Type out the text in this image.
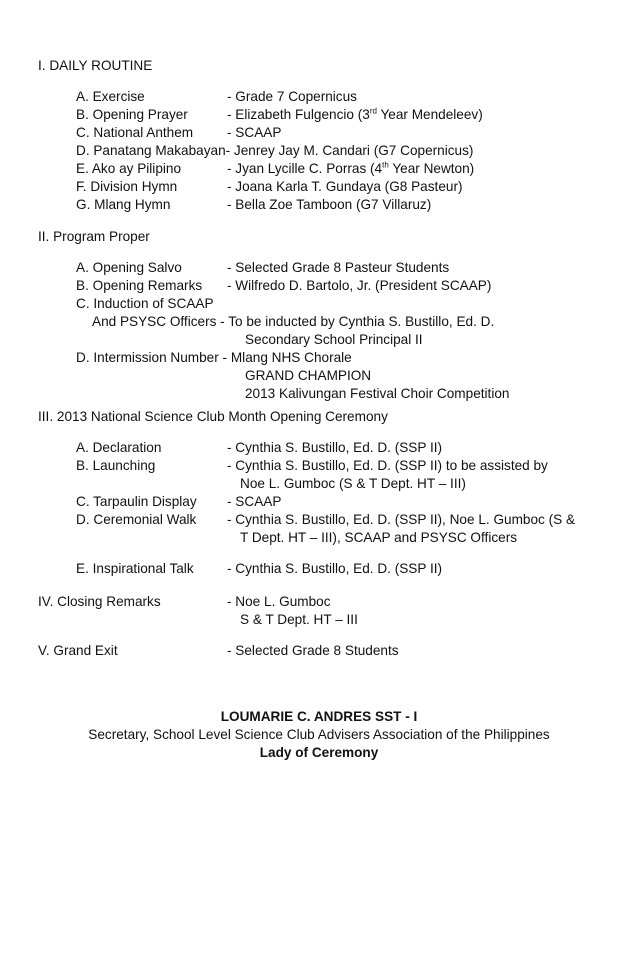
I. DAILY ROUTINE
A. Exercise	- Grade 7 Copernicus
B. Opening Prayer	- Elizabeth Fulgencio (3rd Year Mendeleev)
C. National Anthem - SCAAP
D. Panatang Makabayan- Jenrey Jay M. Candari (G7 Copernicus)
E. Ako ay Pilipino	- Jyan Lycille C. Porras (4th Year Newton)
F. Division Hymn	- Joana Karla T. Gundaya (G8 Pasteur)
G. Mlang Hymn	- Bella Zoe Tamboon (G7 Villaruz)
II. Program Proper
A. Opening Salvo	- Selected Grade 8 Pasteur Students
B. Opening Remarks - Wilfredo D. Bartolo, Jr. (President SCAAP)
C. Induction of SCAAP
And PSYSC Officers - To be inducted by Cynthia S. Bustillo, Ed. D.
Secondary School Principal II
D. Intermission Number - Mlang NHS Chorale
GRAND CHAMPION
2013 Kalivungan Festival Choir Competition
III. 2013 National Science Club Month Opening Ceremony
A. Declaration	- Cynthia S. Bustillo, Ed. D. (SSP II)
B. Launching	- Cynthia S. Bustillo, Ed. D. (SSP II) to be assisted by
Noe L. Gumboc (S & T Dept. HT – III)
C. Tarpaulin Display - SCAAP
D. Ceremonial Walk - Cynthia S. Bustillo, Ed. D. (SSP II), Noe L. Gumboc (S &
T Dept. HT – III), SCAAP and PSYSC Officers
E. Inspirational Talk - Cynthia S. Bustillo, Ed. D. (SSP II)
IV. Closing Remarks	- Noe L. Gumboc
S & T Dept. HT – III
V. Grand Exit	- Selected Grade 8 Students
LOUMARIE C. ANDRES SST - I
Secretary, School Level Science Club Advisers Association of the Philippines
Lady of Ceremony
